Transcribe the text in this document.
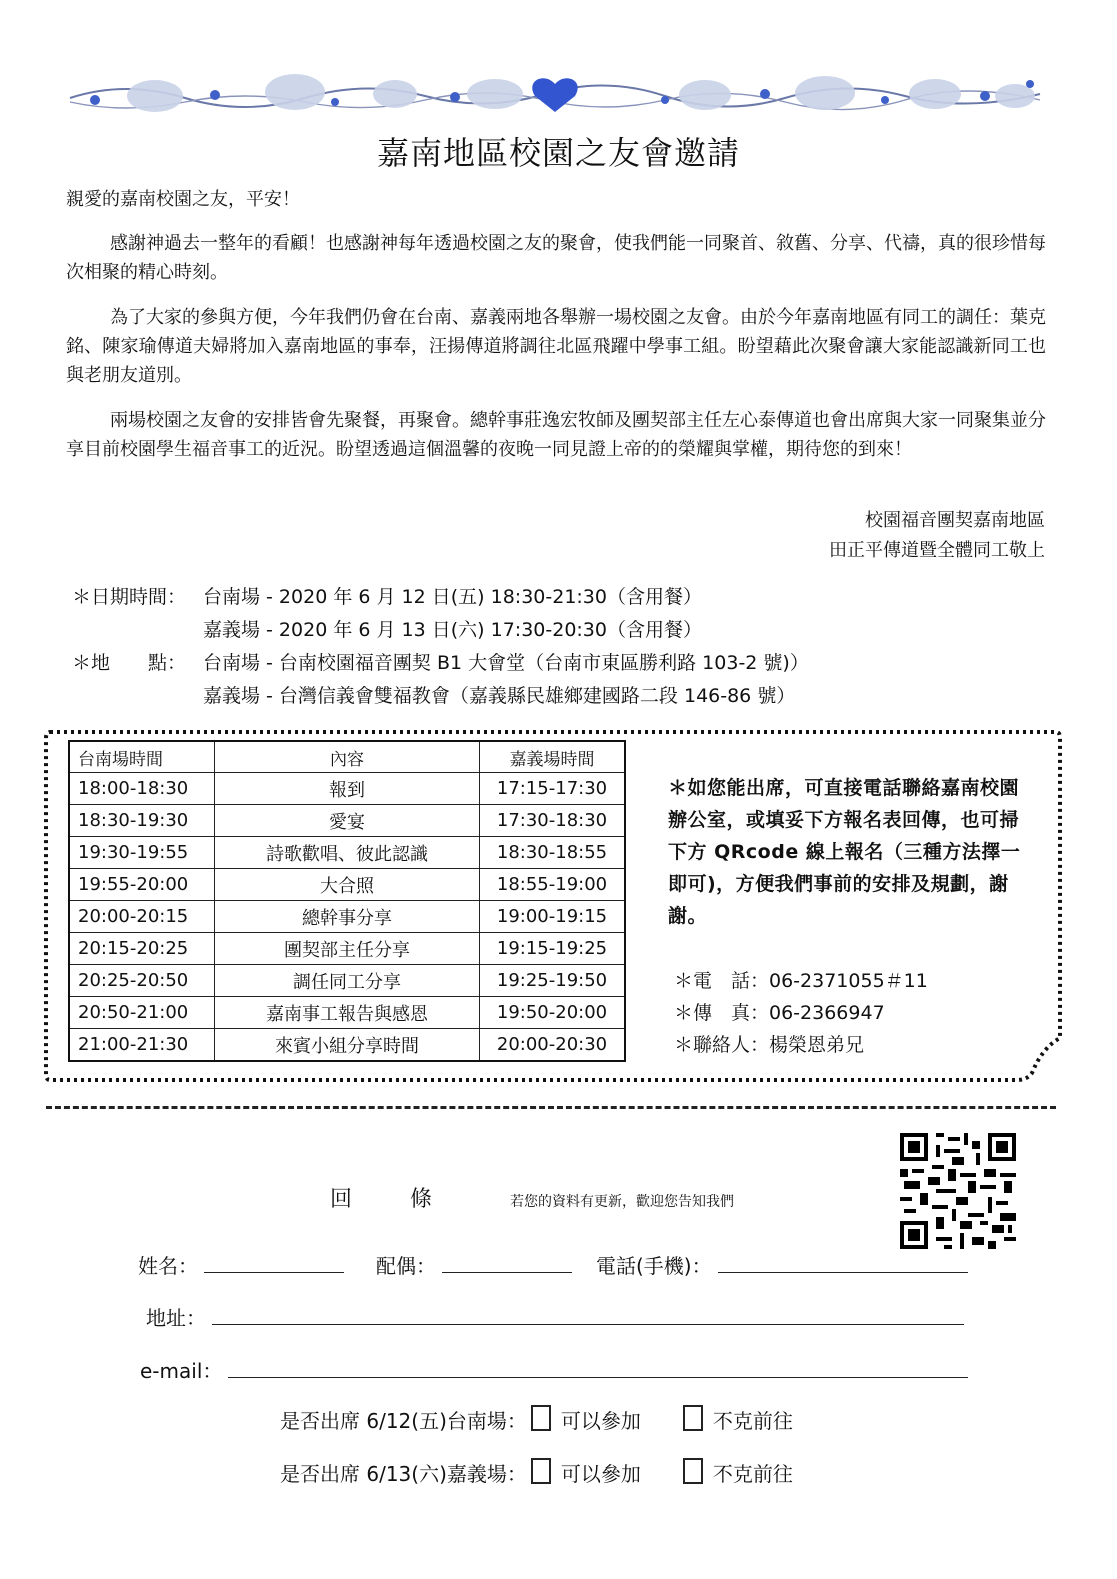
嘉南地區校園之友會邀請
親愛的嘉南校園之友，平安！

感謝神過去一整年的看顧！也感謝神每年透過校園之友的聚會，使我們能一同聚首、敘舊、分享、代禱，真的很珍惜每次相聚的精心時刻。

為了大家的參與方便，今年我們仍會在台南、嘉義兩地各舉辦一場校園之友會。由於今年嘉南地區有同工的調任：葉克銘、陳家瑜傳道夫婦將加入嘉南地區的事奉，汪揚傳道將調往北區飛躍中學事工組。盼望藉此次聚會讓大家能認識新同工也與老朋友道別。

兩場校園之友會的安排皆會先聚餐，再聚會。總幹事莊逸宏牧師及團契部主任左心泰傳道也會出席與大家一同聚集並分享目前校園學生福音事工的近況。盼望透過這個溫馨的夜晚一同見證上帝的的榮耀與掌權，期待您的到來！

校園福音團契嘉南地區
田正平傳道暨全體同工敬上
＊日期時間： 台南場 - 2020 年 6 月 12 日(五) 18:30-21:30（含用餐）
嘉義場 - 2020 年 6 月 13 日(六) 17:30-20:30（含用餐）
＊地　　點： 台南場 - 台南校園福音團契 B1 大會堂（台南市東區勝利路 103-2 號)）
嘉義場 - 台灣信義會雙福教會（嘉義縣民雄鄉建國路二段 146-86 號）
台南場時間	內容	嘉義場時間
18:00-18:30	報到	17:15-17:30
18:30-19:30	愛宴	17:30-18:30
19:30-19:55	詩歌歡唱、彼此認識	18:30-18:55
19:55-20:00	大合照	18:55-19:00
20:00-20:15	總幹事分享	19:00-19:15
20:15-20:25	團契部主任分享	19:15-19:25
20:25-20:50	調任同工分享	19:25-19:50
20:50-21:00	嘉南事工報告與感恩	19:50-20:00
21:00-21:30	來賓小組分享時間	20:00-20:30
＊如您能出席，可直接電話聯絡嘉南校園辦公室，或填妥下方報名表回傳，也可掃下方 QRcode 線上報名（三種方法擇一即可)，方便我們事前的安排及規劃，謝謝。
＊電　話：06-2371055＃11
＊傳　真：06-2366947
＊聯絡人：楊榮恩弟兄
回條 若您的資料有更新，歡迎您告知我們
姓名：	配偶：	電話(手機)：
地址：
e-mail：
是否出席 6/12(五)台南場： 可以參加	不克前往
是否出席 6/13(六)嘉義場： 可以參加	不克前往
